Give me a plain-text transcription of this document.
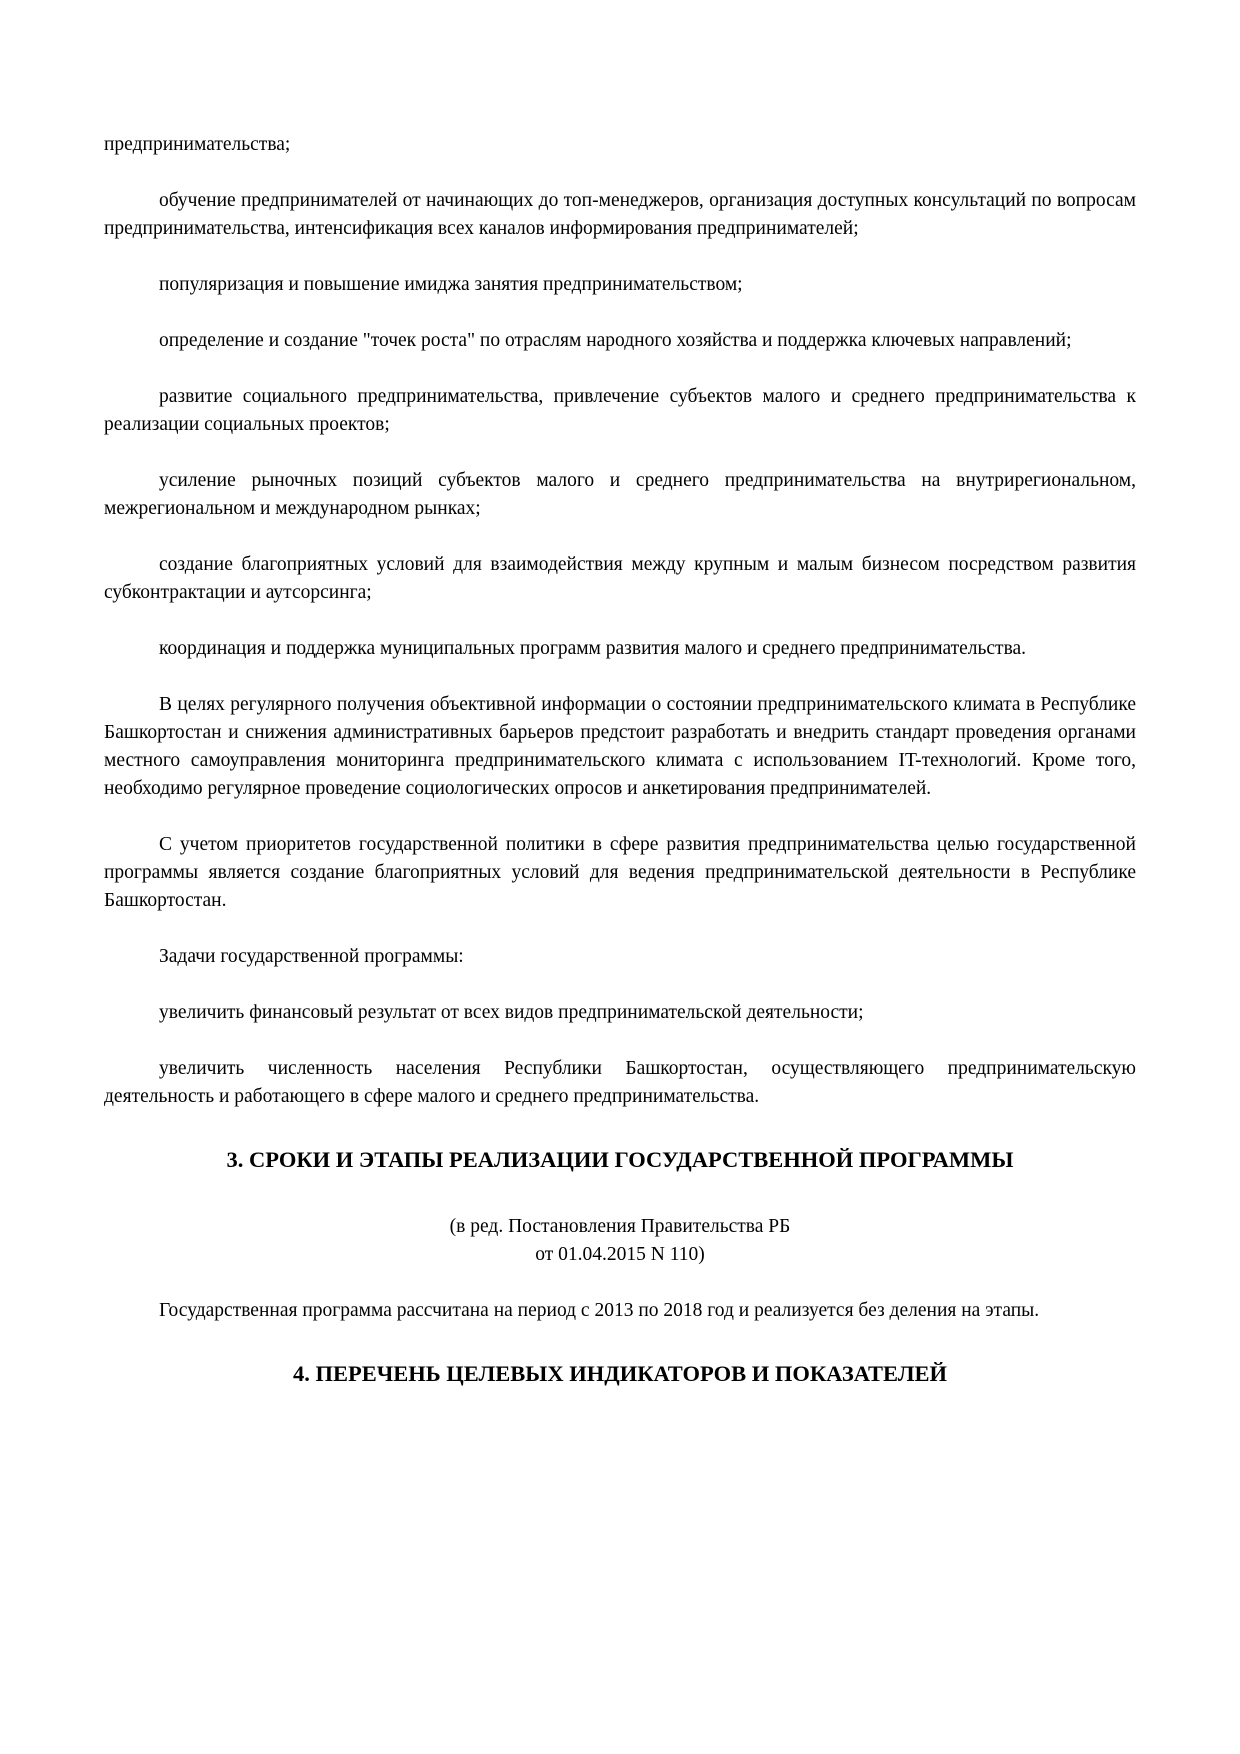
предпринимательства;

обучение предпринимателей от начинающих до топ-менеджеров, организация доступных консультаций по вопросам предпринимательства, интенсификация всех каналов информирования предпринимателей;

популяризация и повышение имиджа занятия предпринимательством;

определение и создание "точек роста" по отраслям народного хозяйства и поддержка ключевых направлений;

развитие социального предпринимательства, привлечение субъектов малого и среднего предпринимательства к реализации социальных проектов;

усиление рыночных позиций субъектов малого и среднего предпринимательства на внутрирегиональном, межрегиональном и международном рынках;

создание благоприятных условий для взаимодействия между крупным и малым бизнесом посредством развития субконтрактации и аутсорсинга;

координация и поддержка муниципальных программ развития малого и среднего предпринимательства.

В целях регулярного получения объективной информации о состоянии предпринимательского климата в Республике Башкортостан и снижения административных барьеров предстоит разработать и внедрить стандарт проведения органами местного самоуправления мониторинга предпринимательского климата с использованием IT-технологий. Кроме того, необходимо регулярное проведение социологических опросов и анкетирования предпринимателей.

С учетом приоритетов государственной политики в сфере развития предпринимательства целью государственной программы является создание благоприятных условий для ведения предпринимательской деятельности в Республике Башкортостан.

Задачи государственной программы:

увеличить финансовый результат от всех видов предпринимательской деятельности;

увеличить численность населения Республики Башкортостан, осуществляющего предпринимательскую деятельность и работающего в сфере малого и среднего предпринимательства.

3. СРОКИ И ЭТАПЫ РЕАЛИЗАЦИИ ГОСУДАРСТВЕННОЙ ПРОГРАММЫ
(в ред. Постановления Правительства РБ
от 01.04.2015 N 110)

Государственная программа рассчитана на период с 2013 по 2018 год и реализуется без деления на этапы.

4. ПЕРЕЧЕНЬ ЦЕЛЕВЫХ ИНДИКАТОРОВ И ПОКАЗАТЕЛЕЙ
